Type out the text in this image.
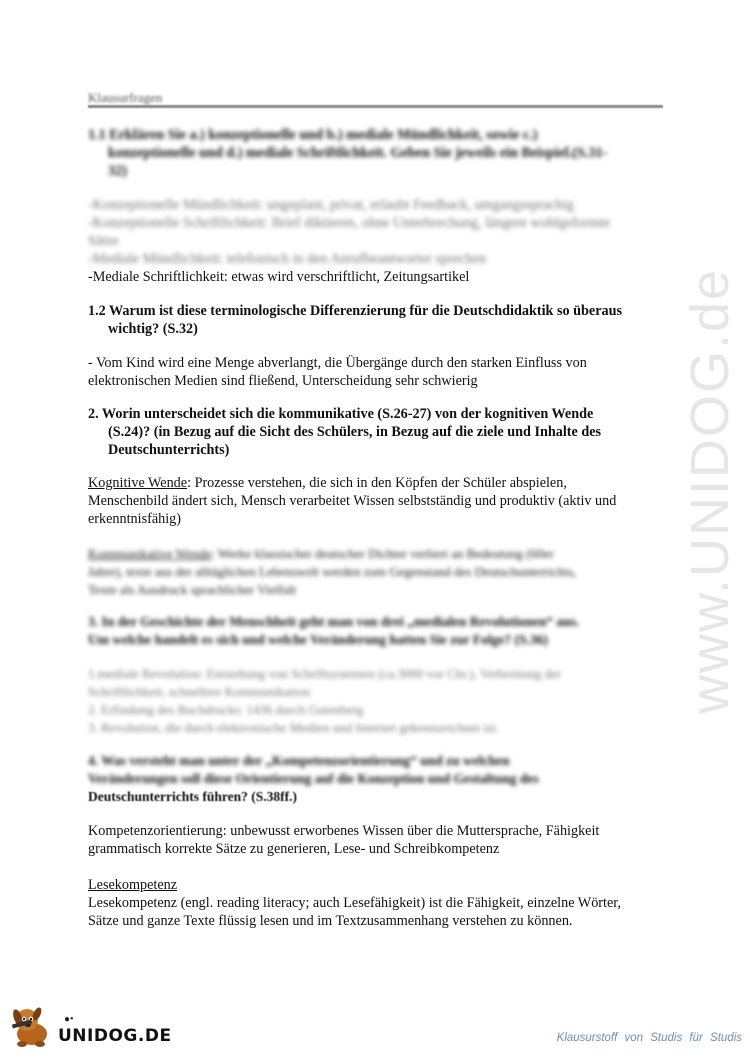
Klausurfragen
www.UNIDOG.de
1.1 Erklären Sie a.) konzeptionelle und b.) mediale Mündlichkeit, sowie c.)
konzeptionelle und d.) mediale Schriftlichkeit. Geben Sie jeweils ein Beispiel.(S.31-
32)
-Konzeptionelle Mündlichkeit: ungeplant, privat, erlaubt Feedback, umgangssprachig
-Konzeptionelle Schriftlichkeit: Brief diktieren, ohne Unterbrechung, längere wohlgeformte
Sätze
-Mediale Mündlichkeit: telefonisch in den Anrufbeantworter sprechen
-Mediale Schriftlichkeit: etwas wird verschriftlicht, Zeitungsartikel
1.2 Warum ist diese terminologische Differenzierung für die Deutschdidaktik so überaus
wichtig? (S.32)
- Vom Kind wird eine Menge abverlangt, die Übergänge durch den starken Einfluss von
elektronischen Medien sind fließend, Unterscheidung sehr schwierig
2. Worin unterscheidet sich die kommunikative (S.26-27) von der kognitiven Wende
(S.24)? (in Bezug auf die Sicht des Schülers, in Bezug auf die ziele und Inhalte des
Deutschunterrichts)
Kognitive Wende: Prozesse verstehen, die sich in den Köpfen der Schüler abspielen,
Menschenbild ändert sich, Mensch verarbeitet Wissen selbstständig und produktiv (aktiv und
erkenntnisfähig)
Kommunikative Wende: Werke klassischer deutscher Dichter verliert an Bedeutung (60er
Jahre), texte aus der alltäglichen Lebenswelt werden zum Gegenstand des Deutschunterrichts,
Texte als Ausdruck sprachlicher Vielfalt
3. In der Geschichte der Menschheit geht man von drei „medialen Revolutionen“ aus.
Um welche handelt es sich und welche Veränderung hatten Sie zur Folge? (S.36)
1.mediale Revolution: Entstehung von Schriftsystemen (ca.3000 vor Chr.), Verbreitung der
Schriftlichkeit, schnellere Kommunikation
2. Erfindung des Buchdrucks: 1436 durch Gutenberg
3. Revolution, die durch elektronische Medien und Internet gekennzeichnet ist.
4. Was versteht man unter der „Kompetenzorientierung“ und zu welchen
Veränderungen soll diese Orientierung auf die Konzeption und Gestaltung des
Deutschunterrichts führen? (S.38ff.)
Kompetenzorientierung: unbewusst erworbenes Wissen über die Muttersprache, Fähigkeit
grammatisch korrekte Sätze zu generieren, Lese- und Schreibkompetenz
Lesekompetenz
Lesekompetenz (engl. reading literacy; auch Lesefähigkeit) ist die Fähigkeit, einzelne Wörter,
Sätze und ganze Texte flüssig lesen und im Textzusammenhang verstehen zu können.
●•
UNIDOG.DE	Klausurstoff von Studis für Studis
